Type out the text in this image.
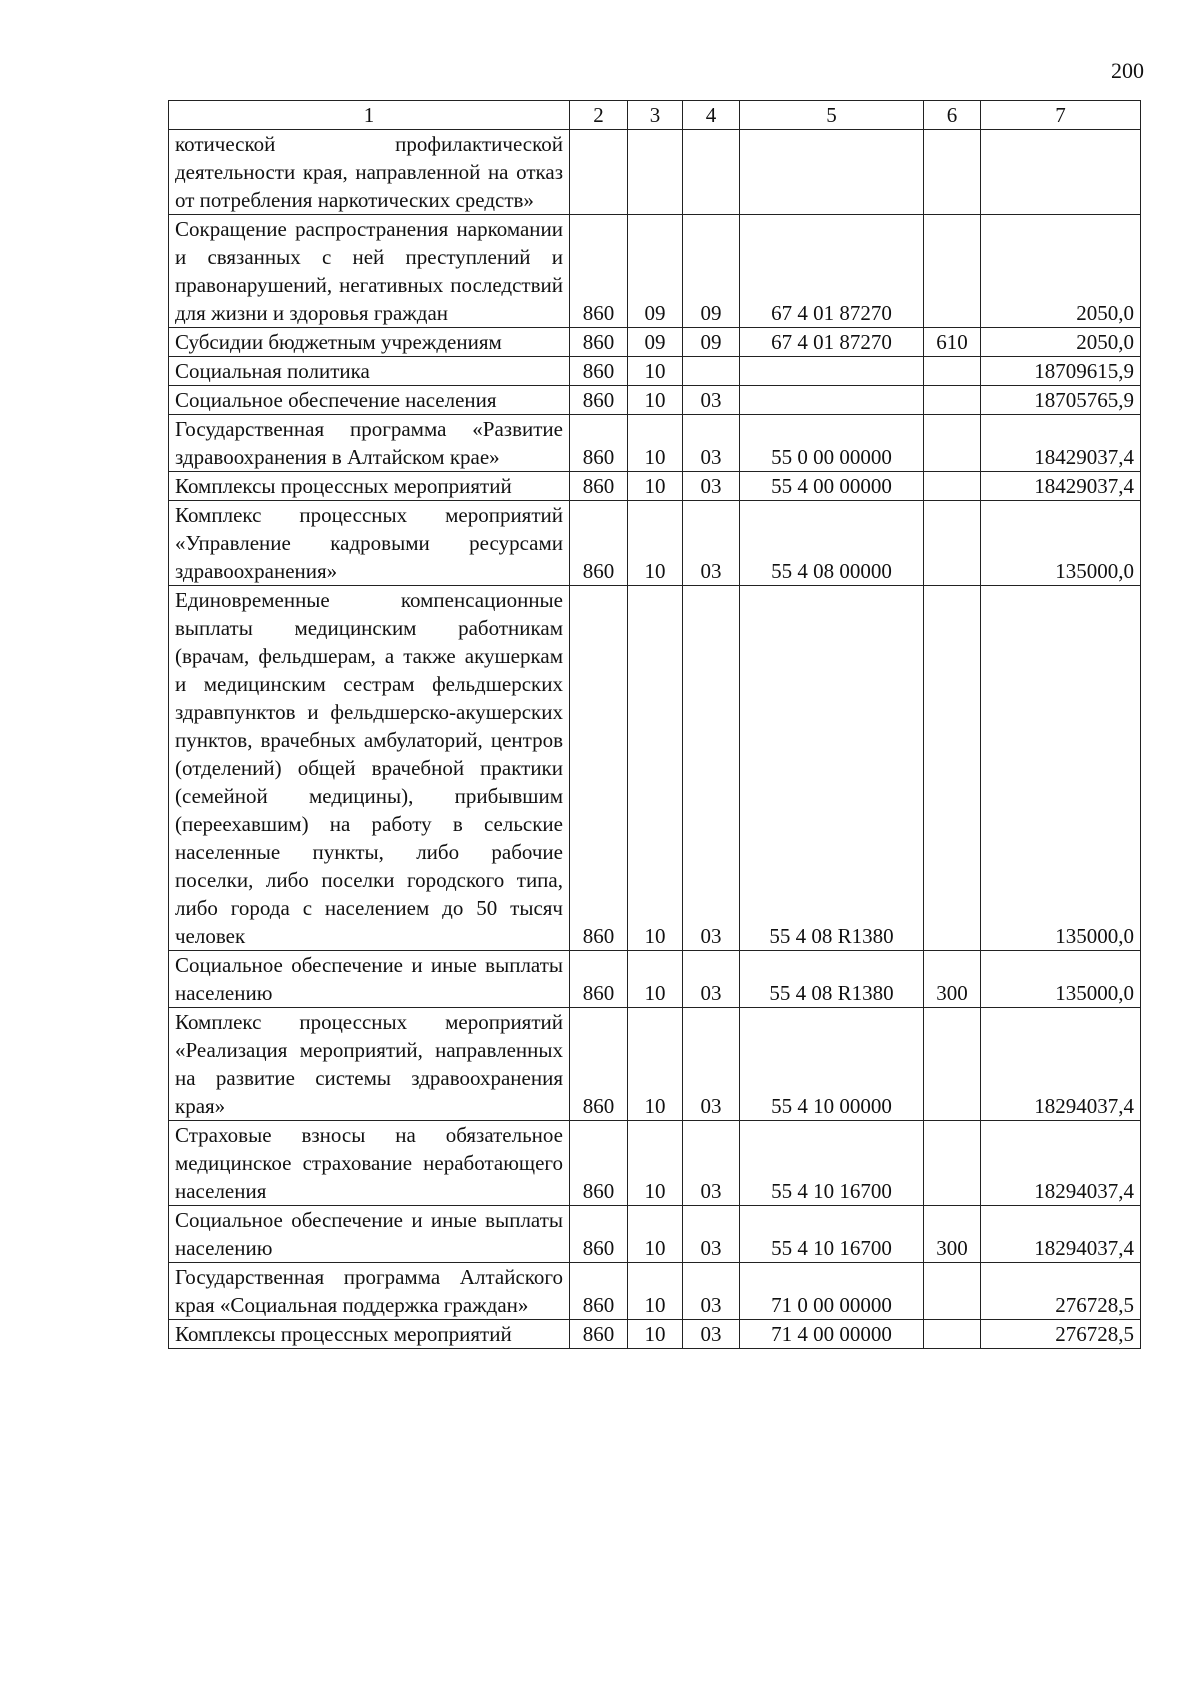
200
1	2	3	4	5	6	7
котической профилактической деятельности края, направленной на отказ от потребления наркотических средств»						
Сокращение распространения наркомании и связанных с ней преступлений и правонарушений, негативных последствий для жизни и здоровья граждан	860	09	09	67 4 01 87270		2050,0
Субсидии бюджетным учреждениям	860	09	09	67 4 01 87270	610	2050,0
Социальная политика	860	10				18709615,9
Социальное обеспечение населения	860	10	03			18705765,9
Государственная программа «Развитие здравоохранения в Алтайском крае»	860	10	03	55 0 00 00000		18429037,4
Комплексы процессных мероприятий	860	10	03	55 4 00 00000		18429037,4
Комплекс процессных мероприятий «Управление кадровыми ресурсами здравоохранения»	860	10	03	55 4 08 00000		135000,0
Единовременные компенсационные выплаты медицинским работникам (врачам, фельдшерам, а также акушеркам и медицинским сестрам фельдшерских здравпунктов и фельдшерско-акушерских пунктов, врачебных амбулаторий, центров (отделений) общей врачебной практики (семейной медицины), прибывшим (переехавшим) на работу в сельские населенные пункты, либо рабочие поселки, либо поселки городского типа, либо города с населением до 50 тысяч человек	860	10	03	55 4 08 R1380		135000,0
Социальное обеспечение и иные выплаты населению	860	10	03	55 4 08 R1380	300	135000,0
Комплекс процессных мероприятий «Реализация мероприятий, направленных на развитие системы здравоохранения края»	860	10	03	55 4 10 00000		18294037,4
Страховые взносы на обязательное медицинское страхование неработающего населения	860	10	03	55 4 10 16700		18294037,4
Социальное обеспечение и иные выплаты населению	860	10	03	55 4 10 16700	300	18294037,4
Государственная программа Алтайского края «Социальная поддержка граждан»	860	10	03	71 0 00 00000		276728,5
Комплексы процессных мероприятий	860	10	03	71 4 00 00000		276728,5
